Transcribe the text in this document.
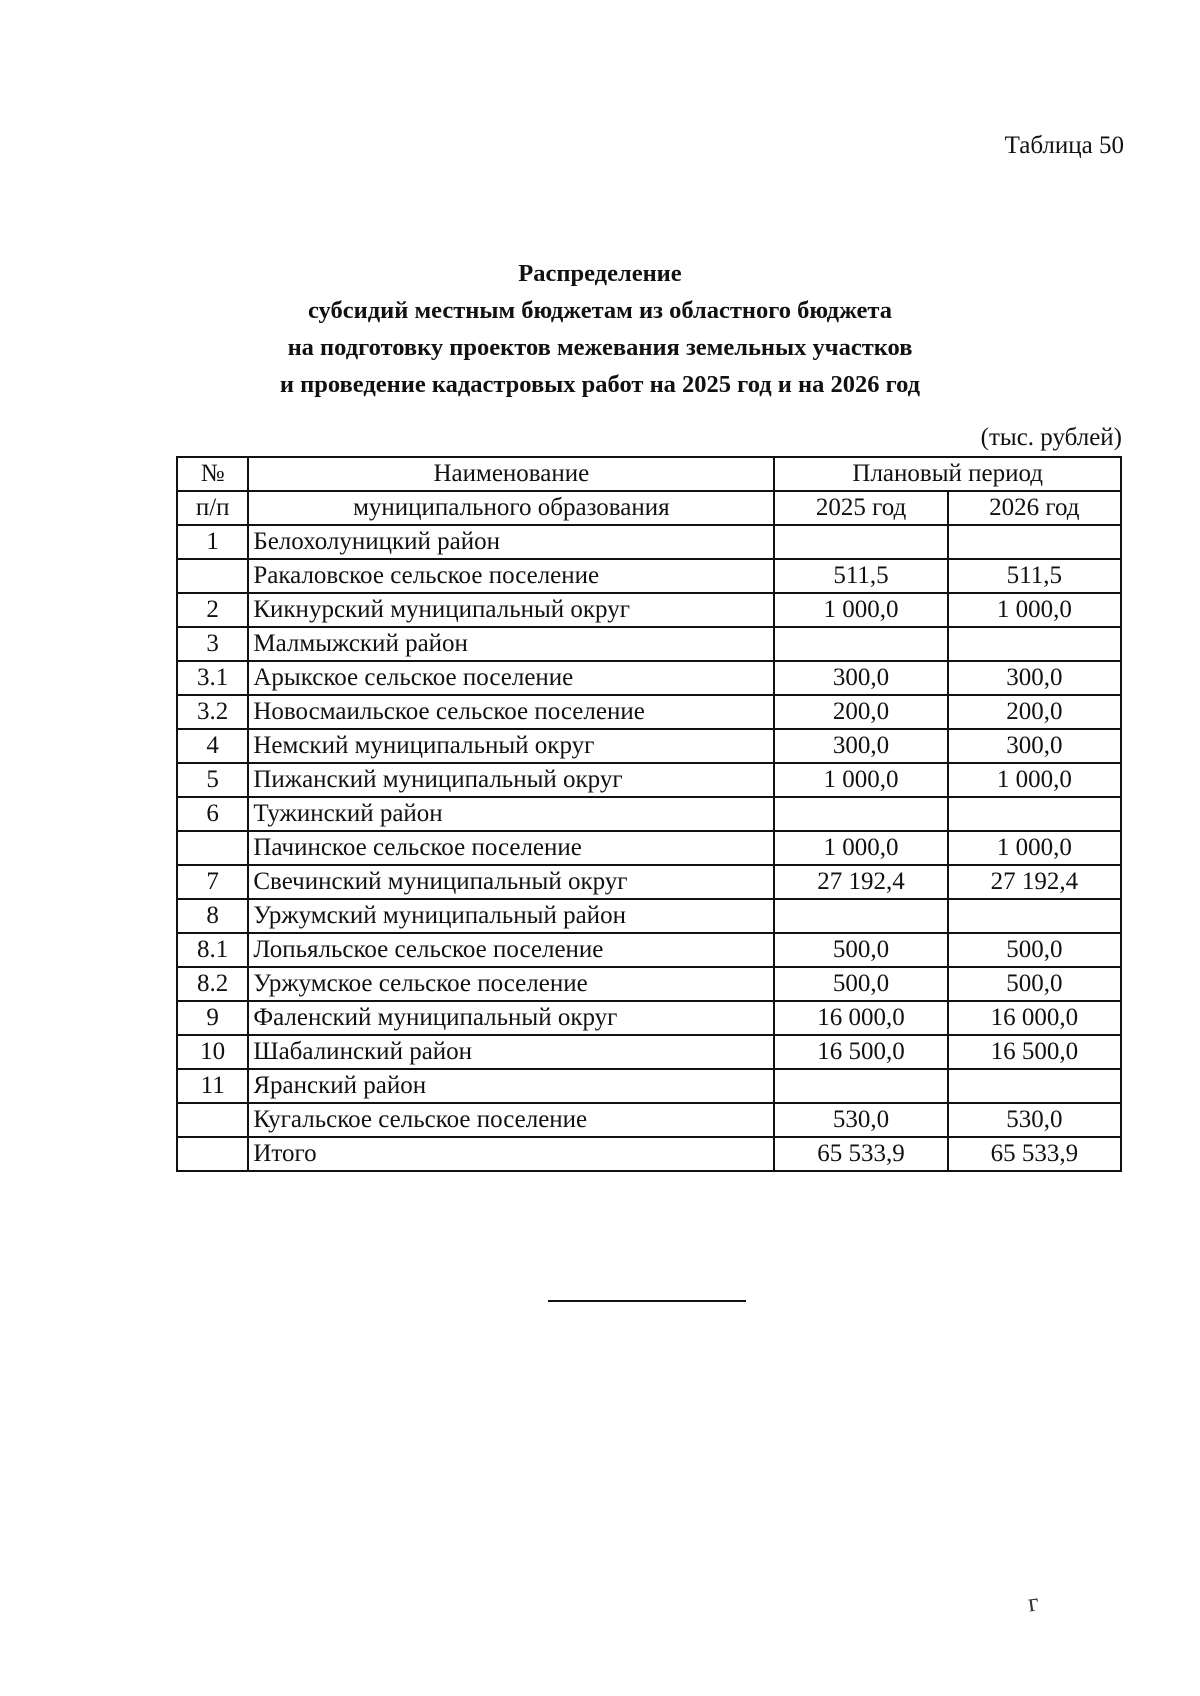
Таблица 50
Распределение
субсидий местным бюджетам из областного бюджета
на подготовку проектов межевания земельных участков
и проведение кадастровых работ на 2025 год и на 2026 год
(тыс. рублей)
№	Наименование	Плановый период	
п/п	муниципального образования	2025 год	2026 год
1	Белохолуницкий район		
	Ракаловское сельское поселение	511,5	511,5
2	Кикнурский муниципальный округ	1 000,0	1 000,0
3	Малмыжский район		
3.1	Арыкское сельское поселение	300,0	300,0
3.2	Новосмаильское сельское поселение	200,0	200,0
4	Немский муниципальный округ	300,0	300,0
5	Пижанский муниципальный округ	1 000,0	1 000,0
6	Тужинский район		
	Пачинское сельское поселение	1 000,0	1 000,0
7	Свечинский муниципальный округ	27 192,4	27 192,4
8	Уржумский муниципальный район		
8.1	Лопьяльское сельское поселение	500,0	500,0
8.2	Уржумское сельское поселение	500,0	500,0
9	Фаленский муниципальный округ	16 000,0	16 000,0
10	Шабалинский район	16 500,0	16 500,0
11	Яранский район		
	Кугальское сельское поселение	530,0	530,0
	Итого	65 533,9	65 533,9
г
